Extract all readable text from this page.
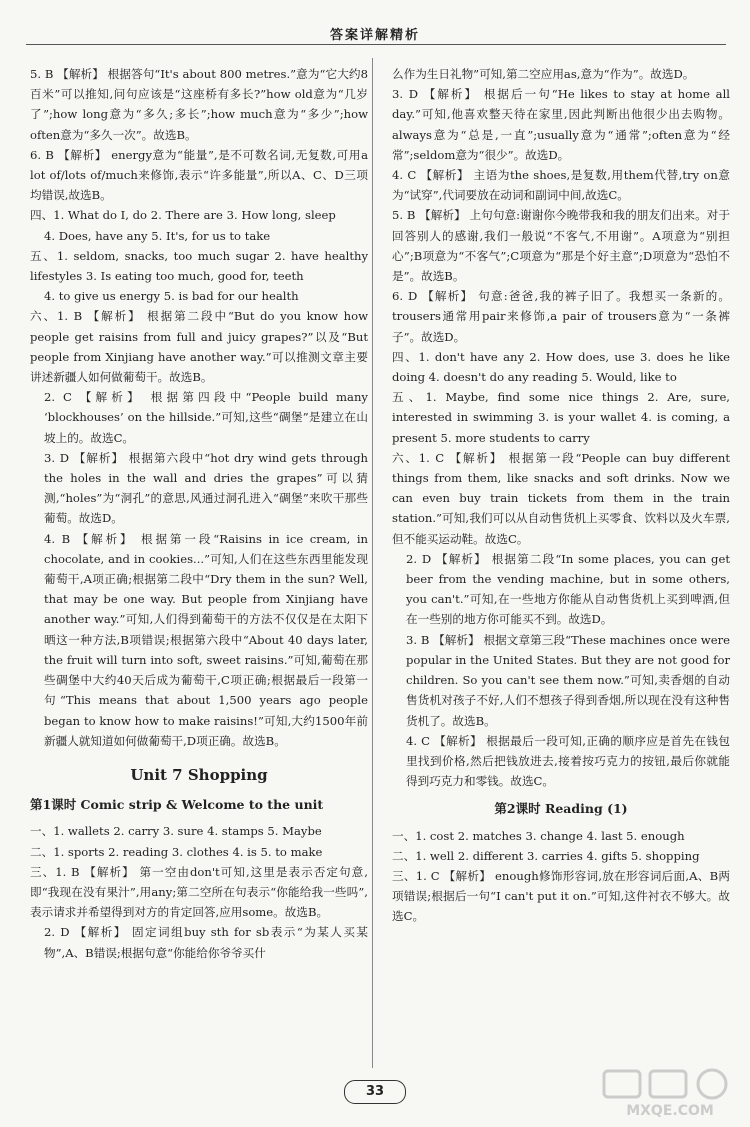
答案详解精析

5. B 【解析】 根据答句“It's about 800 metres.”意为“它大约8百米”可以推知,问句应该是“这座桥有多长?”how old意为“几岁了”;how long意为“多久;多长”;how much意为“多少”;how often意为“多久一次”。故选B。

6. B 【解析】 energy意为“能量”,是不可数名词,无复数,可用a lot of/lots of/much来修饰,表示“许多能量”,所以A、C、D三项均错误,故选B。

四、1. What do I, do 2. There are 3. How long, sleep

4. Does, have any 5. It's, for us to take

五、1. seldom, snacks, too much sugar 2. have healthy lifestyles 3. Is eating too much, good for, teeth

4. to give us energy 5. is bad for our health

六、1. B 【解析】 根据第二段中“But do you know how people get raisins from full and juicy grapes?”以及“But people from Xinjiang have another way.”可以推测文章主要讲述新疆人如何做葡萄干。故选B。

2. C 【解析】 根据第四段中“People build many ‘blockhouses’ on the hillside.”可知,这些“碉堡”是建立在山坡上的。故选C。

3. D 【解析】 根据第六段中“hot dry wind gets through the holes in the wall and dries the grapes”可以猜测,“holes”为“洞孔”的意思,风通过洞孔进入“碉堡”来吹干那些葡萄。故选D。

4. B 【解析】 根据第一段“Raisins in ice cream, in chocolate, and in cookies...”可知,人们在这些东西里能发现葡萄干,A项正确;根据第二段中“Dry them in the sun? Well, that may be one way. But people from Xinjiang have another way.”可知,人们得到葡萄干的方法不仅仅是在太阳下晒这一种方法,B项错误;根据第六段中“About 40 days later, the fruit will turn into soft, sweet raisins.”可知,葡萄在那些碉堡中大约40天后成为葡萄干,C项正确;根据最后一段第一句“This means that about 1,500 years ago people began to know how to make raisins!”可知,大约1500年前新疆人就知道如何做葡萄干,D项正确。故选B。

Unit 7 Shopping
第1课时 Comic strip & Welcome to the unit

一、1. wallets 2. carry 3. sure 4. stamps 5. Maybe

二、1. sports 2. reading 3. clothes 4. is 5. to make

三、1. B 【解析】 第一空由don't可知,这里是表示否定句意,即“我现在没有果汁”,用any;第二空所在句表示“你能给我一些吗”,表示请求并希望得到对方的肯定回答,应用some。故选B。

2. D 【解析】 固定词组buy sth for sb表示“为某人买某物”,A、B错误;根据句意“你能给你爷爷买什

么作为生日礼物”可知,第二空应用as,意为“作为”。故选D。

3. D 【解析】 根据后一句“He likes to stay at home all day.”可知,他喜欢整天待在家里,因此判断出他很少出去购物。always意为“总是,一直”;usually意为“通常”;often意为“经常”;seldom意为“很少”。故选D。

4. C 【解析】 主语为the shoes,是复数,用them代替,try on意为“试穿”,代词要放在动词和副词中间,故选C。

5. B 【解析】 上句句意:谢谢你今晚带我和我的朋友们出来。对于回答别人的感谢,我们一般说“不客气,不用谢”。A项意为“别担心”;B项意为“不客气”;C项意为“那是个好主意”;D项意为“恐怕不是”。故选B。

6. D 【解析】 句意:爸爸,我的裤子旧了。我想买一条新的。trousers通常用pair来修饰,a pair of trousers意为“一条裤子”。故选D。

四、1. don't have any 2. How does, use 3. does he like doing 4. doesn't do any reading 5. Would, like to

五、1. Maybe, find some nice things 2. Are, sure, interested in swimming 3. is your wallet 4. is coming, a present 5. more students to carry

六、1. C 【解析】 根据第一段“People can buy different things from them, like snacks and soft drinks. Now we can even buy train tickets from them in the train station.”可知,我们可以从自动售货机上买零食、饮料以及火车票,但不能买运动鞋。故选C。

2. D 【解析】 根据第二段“In some places, you can get beer from the vending machine, but in some others, you can't.”可知,在一些地方你能从自动售货机上买到啤酒,但在一些别的地方你可能买不到。故选D。

3. B 【解析】 根据文章第三段“These machines once were popular in the United States. But they are not good for children. So you can't see them now.”可知,卖香烟的自动售货机对孩子不好,人们不想孩子得到香烟,所以现在没有这种售货机了。故选B。

4. C 【解析】 根据最后一段可知,正确的顺序应是首先在钱包里找到价格,然后把钱放进去,接着按巧克力的按钮,最后你就能得到巧克力和零钱。故选C。

第2课时 Reading (1)

一、1. cost 2. matches 3. change 4. last 5. enough

二、1. well 2. different 3. carries 4. gifts 5. shopping

三、1. C 【解析】 enough修饰形容词,放在形容词后面,A、B两项错误;根据后一句“I can't put it on.”可知,这件衬衣不够大。故选C。

33
MXQE.COM
